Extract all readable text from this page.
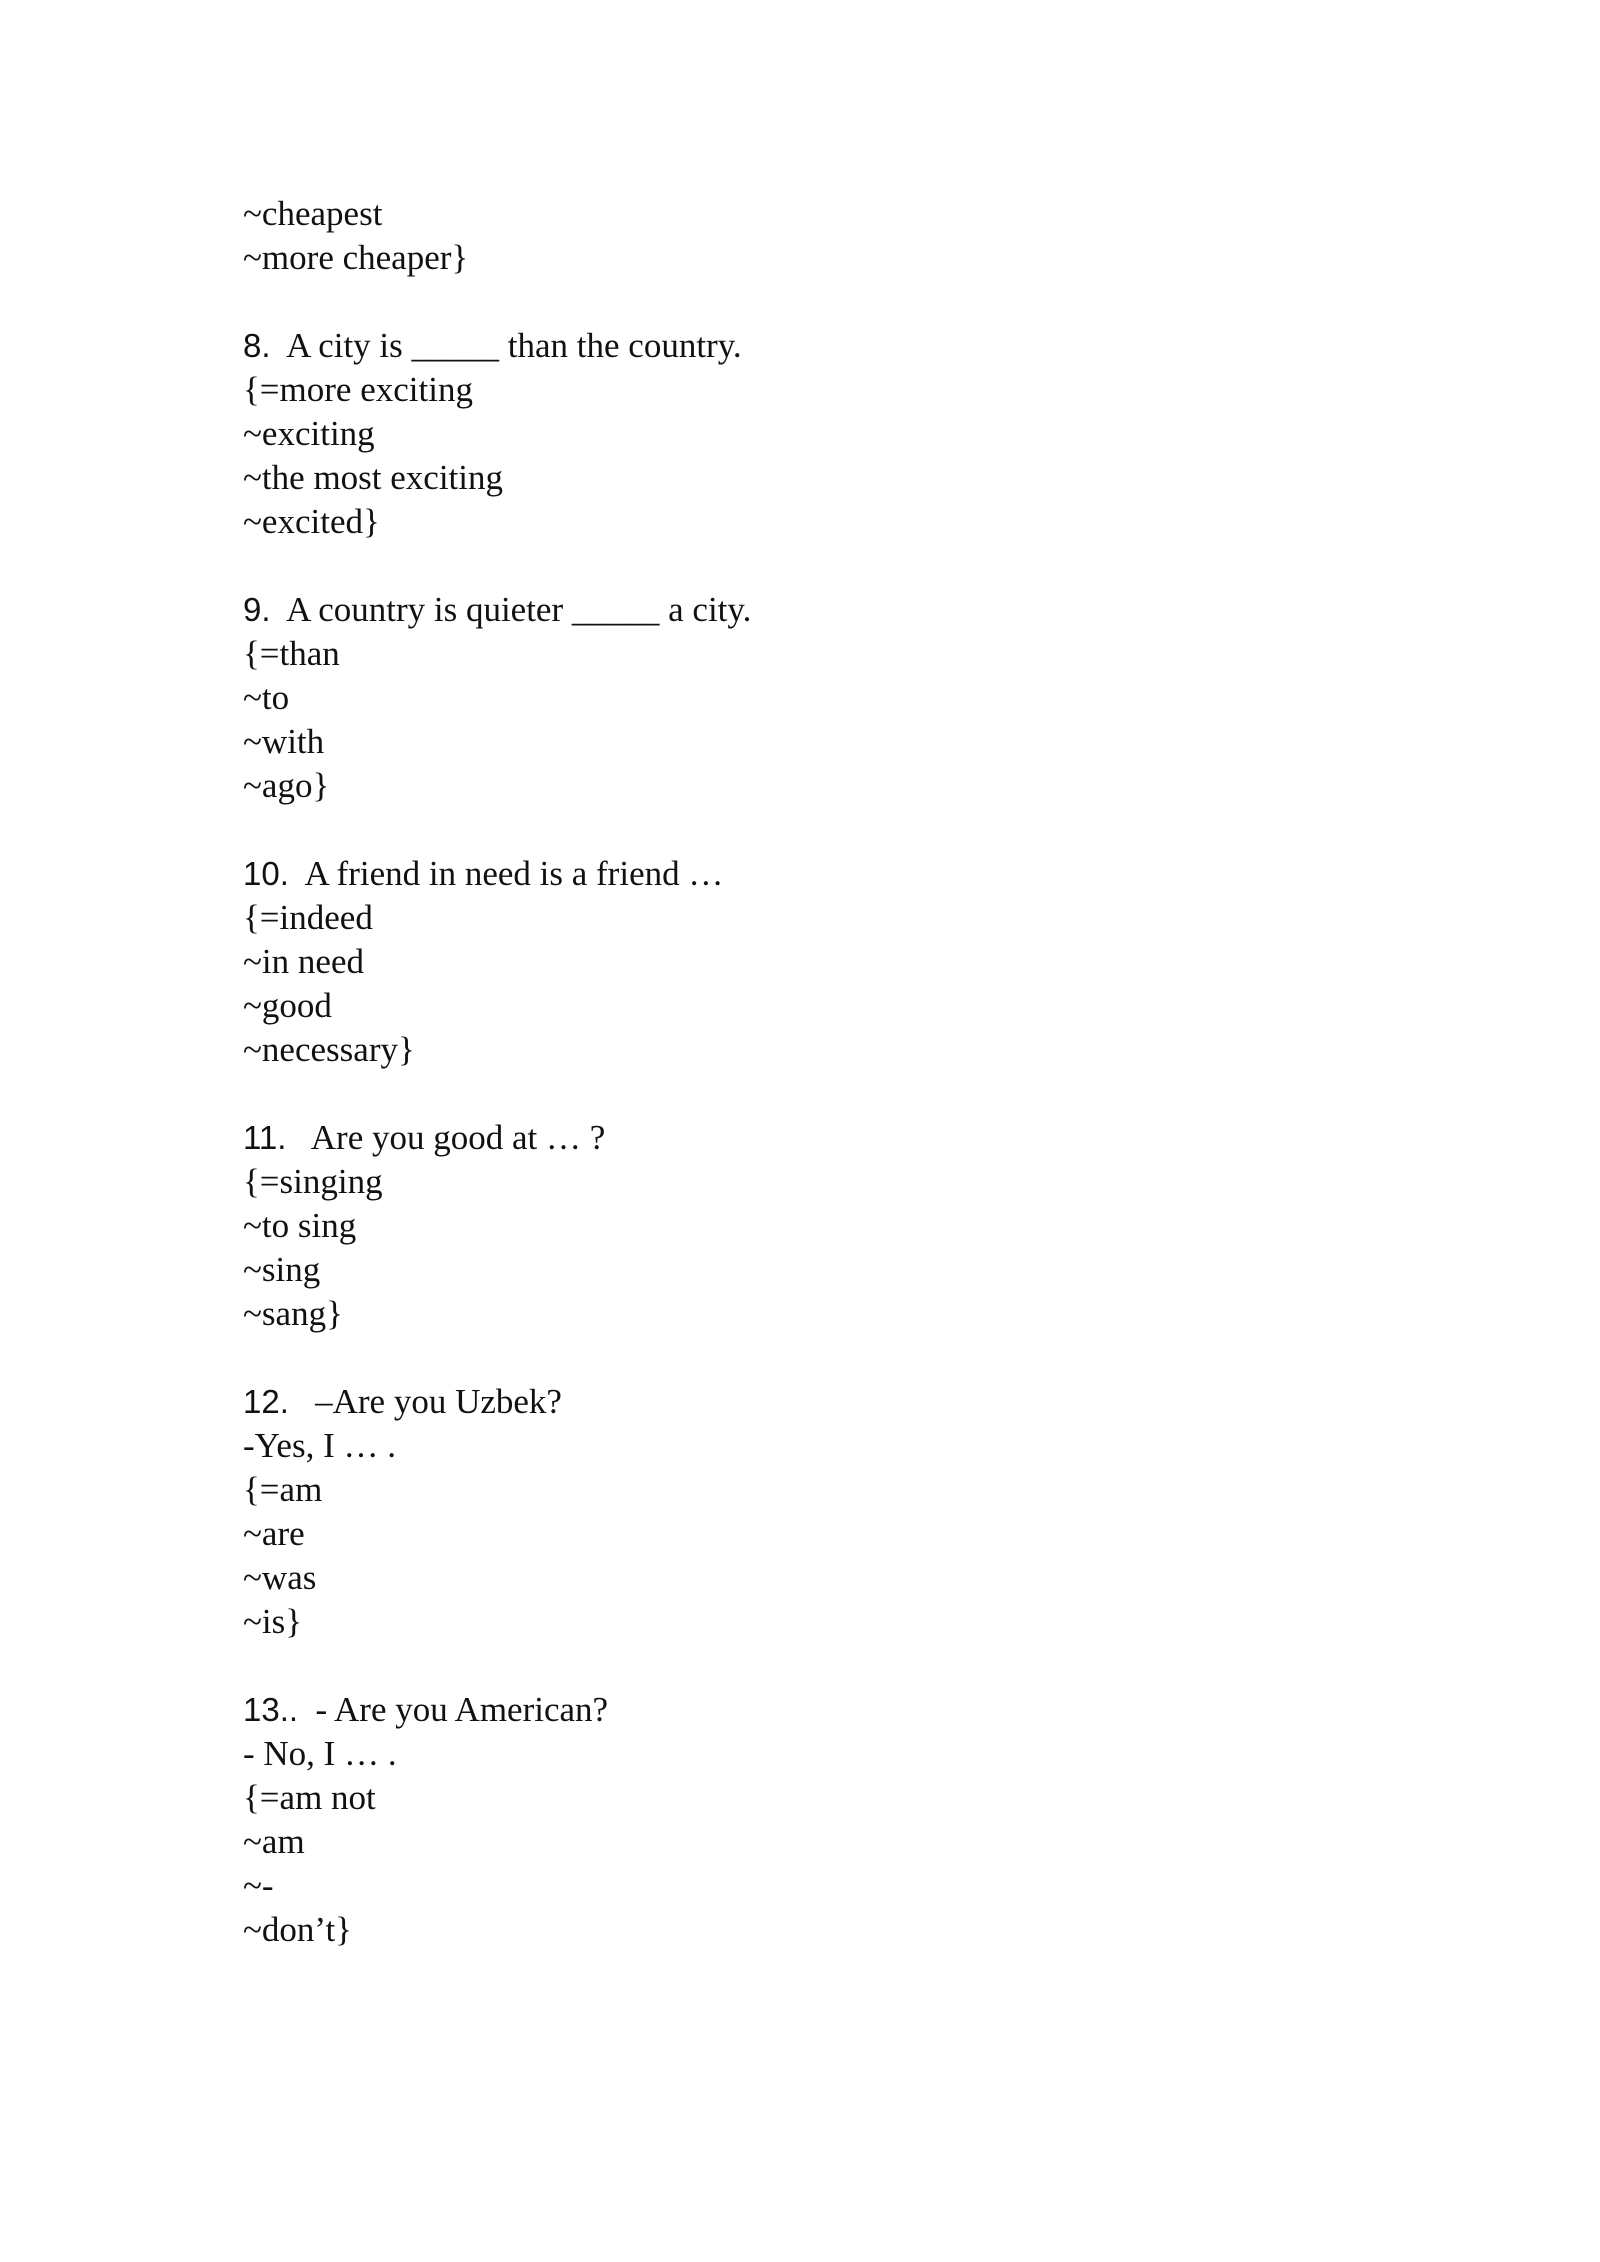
~cheapest
~more cheaper}
8.  A city is _____ than the country.
{=more exciting
~exciting
~the most exciting
~excited}
9.  A country is quieter _____ a city.
{=than
~to
~with
~ago}
10.  A friend in need is a friend …
{=indeed
~in need
~good
~necessary}
11.   Are you good at … ?
{=singing
~to sing
~sing
~sang}
12.   –Are you Uzbek?
-Yes, I … .
{=am
~are
~was
~is}
13..  - Are you American?
- No, I … .
{=am not
~am
~-
~don’t}
